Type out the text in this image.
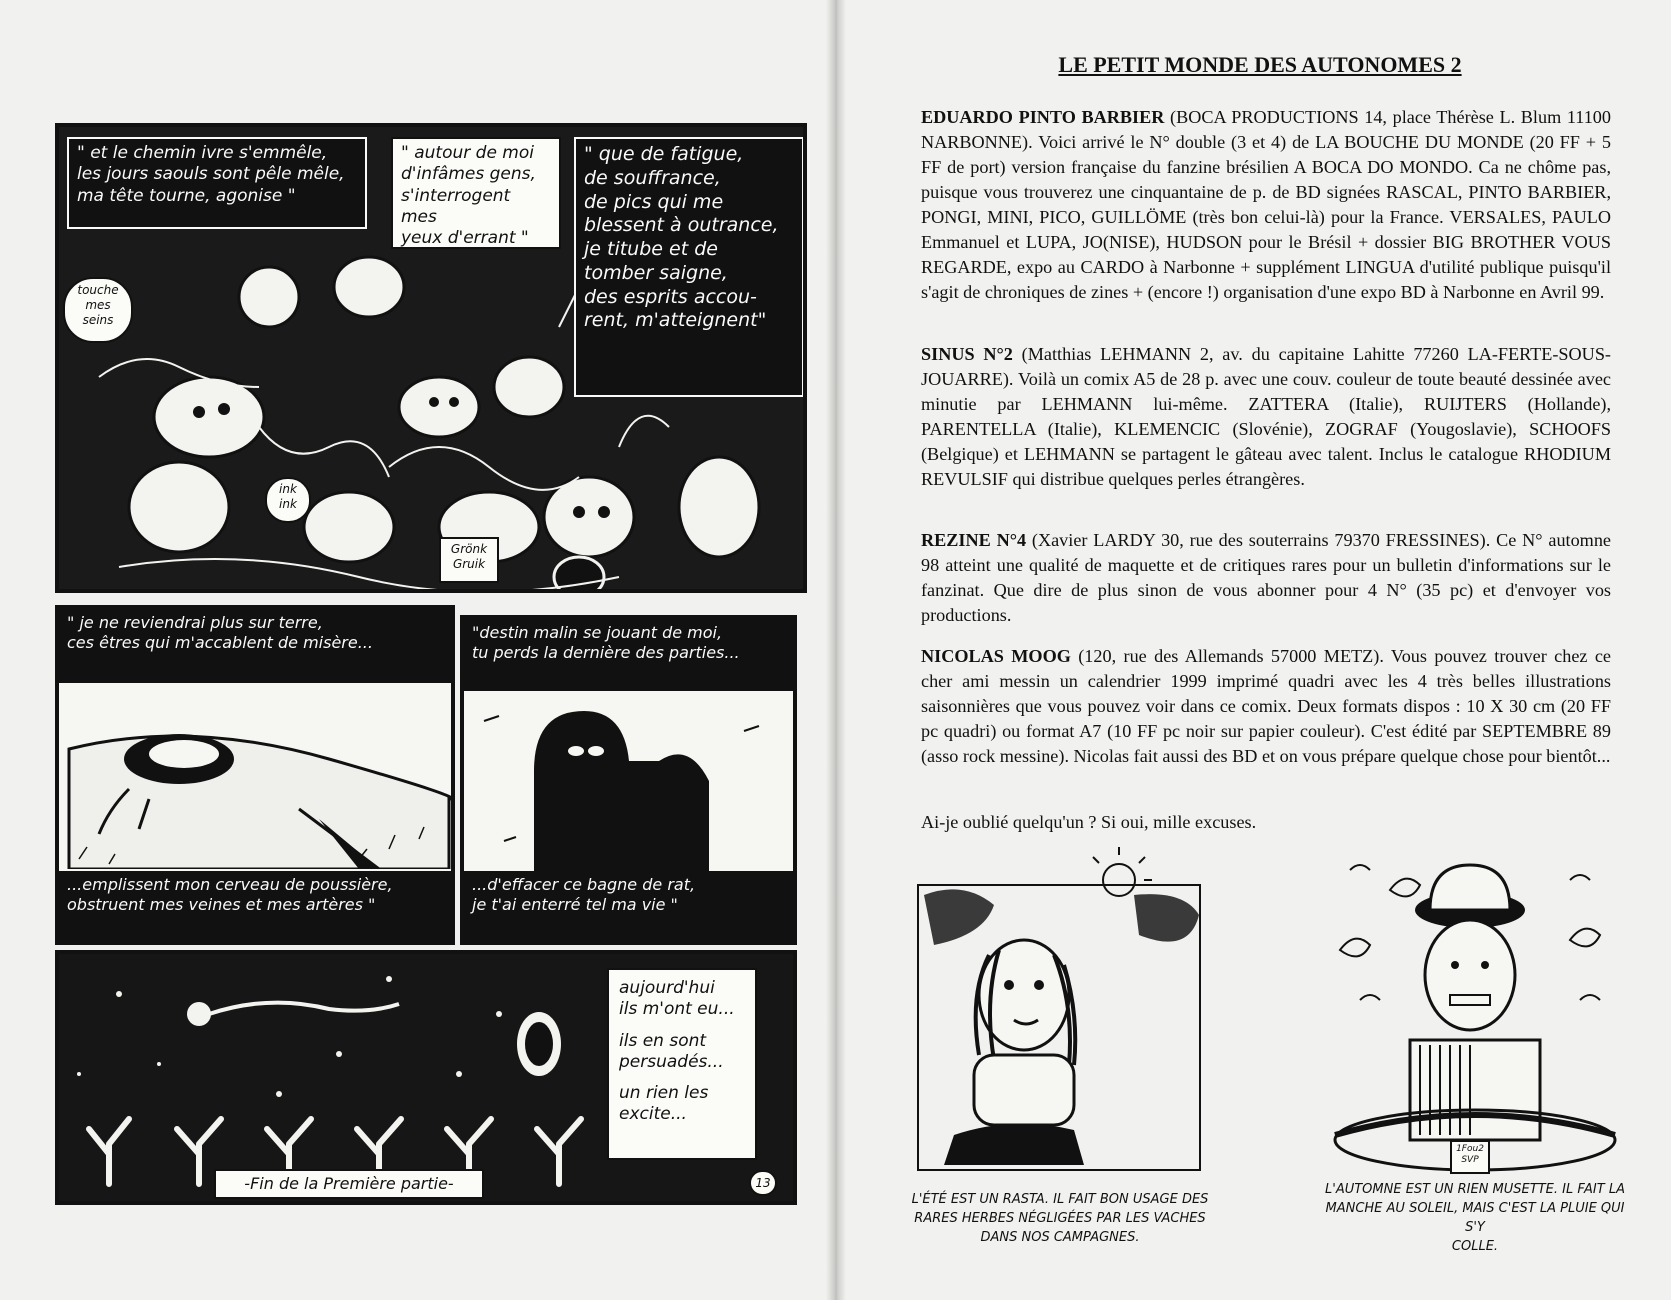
" et le chemin ivre s'emmêle,
les jours saouls sont pêle mêle,
ma tête tourne, agonise "
" autour de moi
d'infâmes gens,
s'interrogent mes
yeux d'errant "
" que de fatigue,
de souffrance,
de pics qui me
blessent à outrance,
je titube et de
tomber saigne,
des esprits accou-
rent, m'atteignent"
touche
mes
seins
ink
ink
Grönk
Gruik
" je ne reviendrai plus sur terre,
ces êtres qui m'accablent de misère...
...emplissent mon cerveau de poussière,
obstruent mes veines et mes artères "
"destin malin se jouant de moi,
tu perds la dernière des parties...
...d'effacer ce bagne de rat,
je t'ai enterré tel ma vie "
aujourd'hui
ils m'ont eu...
ils en sont
persuadés...
un rien les
excite...
-Fin de la Première partie-	13
LE PETIT MONDE DES AUTONOMES 2
EDUARDO PINTO BARBIER (BOCA PRODUCTIONS 14, place Thérèse L. Blum 11100 NARBONNE). Voici arrivé le N° double (3 et 4) de LA BOUCHE DU MONDE (20 FF + 5 FF de port) version française du fanzine brésilien A BOCA DO MONDO. Ca ne chôme pas, puisque vous trouverez une cinquantaine de p. de BD signées RASCAL, PINTO BARBIER, PONGI, MINI, PICO, GUILLÖME (très bon celui-là) pour la France. VERSALES, PAULO Emmanuel et LUPA, JO(NISE), HUDSON pour le Brésil + dossier BIG BROTHER VOUS REGARDE, expo au CARDO à Narbonne + supplément LINGUA d'utilité publique puisqu'il s'agit de chroniques de zines + (encore !) organisation d'une expo BD à Narbonne en Avril 99.
SINUS N°2 (Matthias LEHMANN 2, av. du capitaine Lahitte 77260 LA-FERTE-SOUS-JOUARRE). Voilà un comix A5 de 28 p. avec une couv. couleur de toute beauté dessinée avec minutie par LEHMANN lui-même. ZATTERA (Italie), RUIJTERS (Hollande), PARENTELLA (Italie), KLEMENCIC (Slovénie), ZOGRAF (Yougoslavie), SCHOOFS (Belgique) et LEHMANN se partagent le gâteau avec talent. Inclus le catalogue RHODIUM REVULSIF qui distribue quelques perles étrangères.
REZINE N°4 (Xavier LARDY 30, rue des souterrains 79370 FRESSINES). Ce N° automne 98 atteint une qualité de maquette et de critiques rares pour un bulletin d'informations sur le fanzinat. Que dire de plus sinon de vous abonner pour 4 N° (35 pc) et d'envoyer vos productions.
NICOLAS MOOG (120, rue des Allemands 57000 METZ). Vous pouvez trouver chez ce cher ami messin un calendrier 1999 imprimé quadri avec les 4 très belles illustrations saisonnières que vous pouvez voir dans ce comix. Deux formats dispos : 10 X 30 cm (20 FF pc quadri) ou format A7 (10 FF pc noir sur papier couleur). C'est édité par SEPTEMBRE 89 (asso rock messine). Nicolas fait aussi des BD et on vous prépare quelque chose pour bientôt...
Ai-je oublié quelqu'un ? Si oui, mille excuses.
L'ÉTÉ EST UN RASTA. IL FAIT BON USAGE DES
RARES HERBES NÉGLIGÉES PAR LES VACHES
DANS NOS CAMPAGNES.
1Fou2
SVP
L'AUTOMNE EST UN RIEN MUSETTE. IL FAIT LA
MANCHE AU SOLEIL, MAIS C'EST LA PLUIE QUI S'Y
COLLE.
